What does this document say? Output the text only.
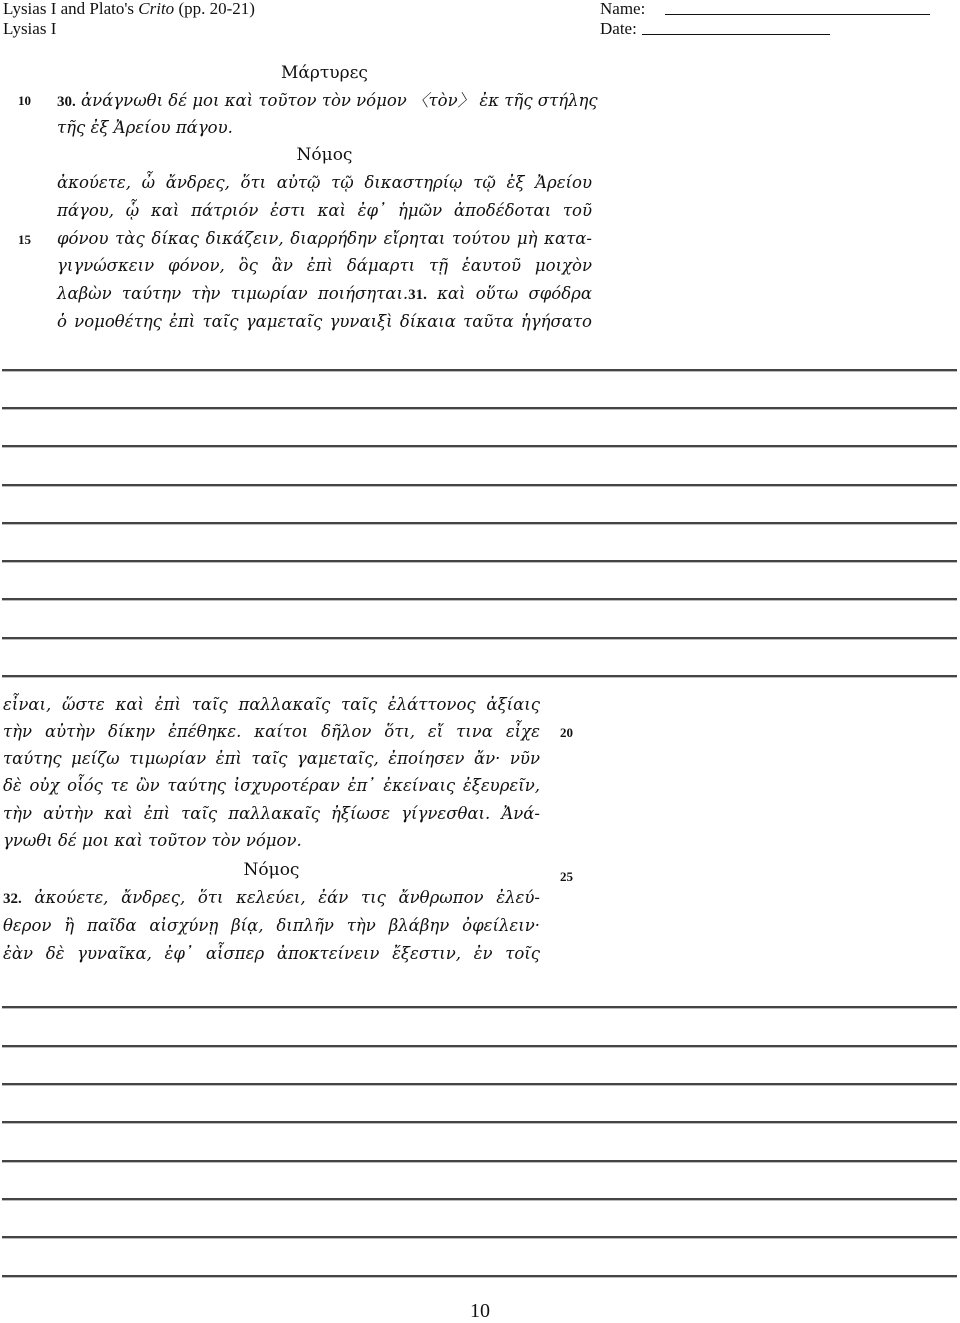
Lysias I and Plato's Crito (pp. 20-21)
Lysias I
Name:
Date:
Μάρτυρες
Νόμος
10
15
30. ἀνάγνωθι δέ μοι καὶ τοῦτον τὸν νόμον 〈τὸν〉 ἐκ τῆς στήλης
τῆς ἐξ Ἀρείου πάγου.
ἀκούετε, ὦ ἄνδρες, ὅτι αὐτῷ τῷ δικαστηρίῳ τῷ ἐξ Ἀρείου
πάγου, ᾧ καὶ πάτριόν ἐστι καὶ ἐφ᾽ ἡμῶν ἀποδέδοται τοῦ
φόνου τὰς δίκας δικάζειν, διαρρήδην εἴρηται τούτου μὴ κατα-
γιγνώσκειν φόνον, ὃς ἂν ἐπὶ δάμαρτι τῇ ἑαυτοῦ μοιχὸν
λαβὼν ταύτην τὴν τιμωρίαν ποιήσηται.31. καὶ οὕτω σφόδρα
ὁ νομοθέτης ἐπὶ ταῖς γαμεταῖς γυναιξὶ δίκαια ταῦτα ἡγήσατο
εἶναι, ὥστε καὶ ἐπὶ ταῖς παλλακαῖς ταῖς ἐλάττονος ἀξίαις
τὴν αὐτὴν δίκην ἐπέθηκε. καίτοι δῆλον ὅτι, εἴ τινα εἶχε
ταύτης μείζω τιμωρίαν ἐπὶ ταῖς γαμεταῖς, ἐποίησεν ἄν· νῦν
δὲ οὐχ οἷός τε ὢν ταύτης ἰσχυροτέραν ἐπ᾽ ἐκείναις ἐξευρεῖν,
τὴν αὐτὴν καὶ ἐπὶ ταῖς παλλακαῖς ἠξίωσε γίγνεσθαι. Ἀνά-
γνωθι δέ μοι καὶ τοῦτον τὸν νόμον.
32. ἀκούετε, ἄνδρες, ὅτι κελεύει, ἐάν τις ἄνθρωπον ἐλεύ-
θερον ἢ παῖδα αἰσχύνῃ βίᾳ, διπλῆν τὴν βλάβην ὀφείλειν·
ἐὰν δὲ γυναῖκα, ἐφ᾽ αἷσπερ ἀποκτείνειν ἔξεστιν, ἐν τοῖς
Νόμος
20
25
10
